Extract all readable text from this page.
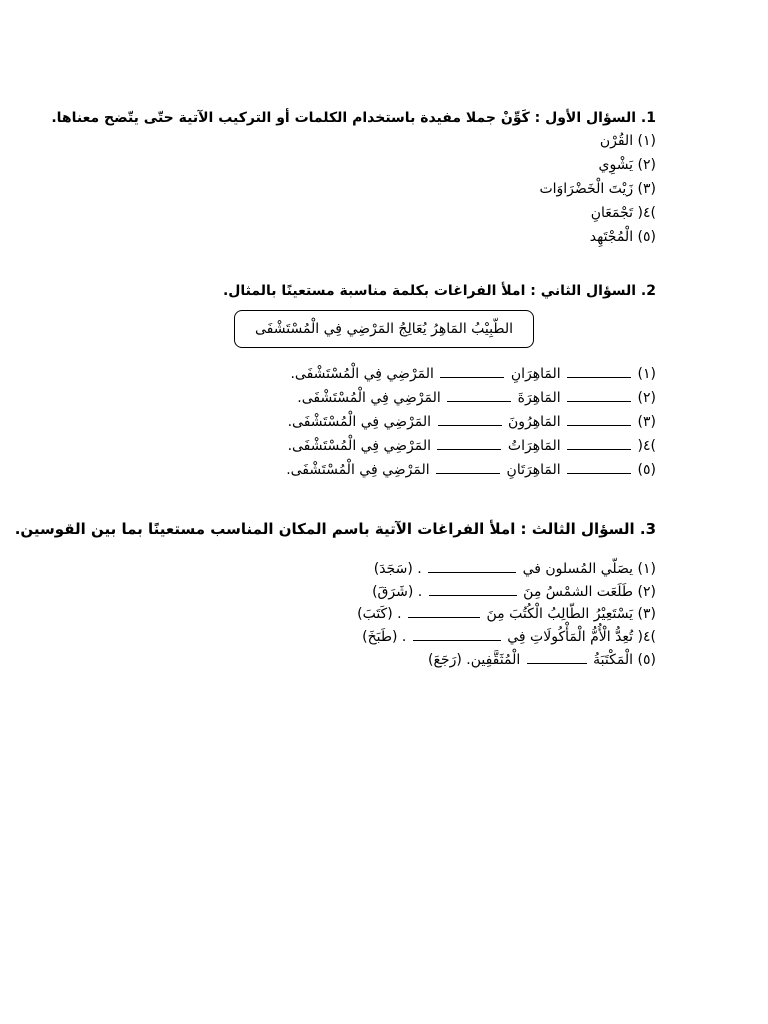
1. السؤال الأول : كَوِّنْ جملا مفيدة باستخدام الكلمات أو التركيب الآتية حتّى يتّضح معناها.
(١) القُرْن
(٢) يَشْوِي
(٣) زَيْتَ الْخَضْرَاوَات
)٤( تَجْمَعَانِ
(٥) الْمُجْتَهِد
2. السؤال الثاني : املأ الفراغات بكلمة مناسبة مستعينًا بالمثال.
الطّبِيْبُ المَاهِرُ يُعَالِجُ المَرْضِي فِي الْمُسْتَشْفَى
(١)  المَاهِرَانِ  المَرْضِي فِي الْمُسْتَشْفَى.
(٢)  المَاهِرَةَ  المَرْضِي فِي الْمُسْتَشْفَى.
(٣)  المَاهِرُونَ  المَرْضِي فِي الْمُسْتَشْفَى.
)٤(  المَاهِرَاتُ  المَرْضِي فِي الْمُسْتَشْفَى.
(٥)  المَاهِرَتَانِ  المَرْضِي فِي الْمُسْتَشْفَى.
3. السؤال الثالث : املأ الفراغات الآتية باسم المكان المناسب مستعينًا بما بين القوسين.
(١) يصَلّي المُسلون في  . (سَجَدَ)
(٢) طَلَعَت الشمْسُ مِنَ  . (شَرَقَ)
(٣) يَسْتَعِيْرُ الطّالِبُ الْكُتُبَ مِنَ  . (كَتَبَ)
)٤( تُعِدُّ الْأُمُّ الْمَأْكُولَاتِ فِي  . (طَبَخَ)
(٥) الْمَكْتَبَةُ  الْمُثَقَّفِين. (رَجَعَ)
